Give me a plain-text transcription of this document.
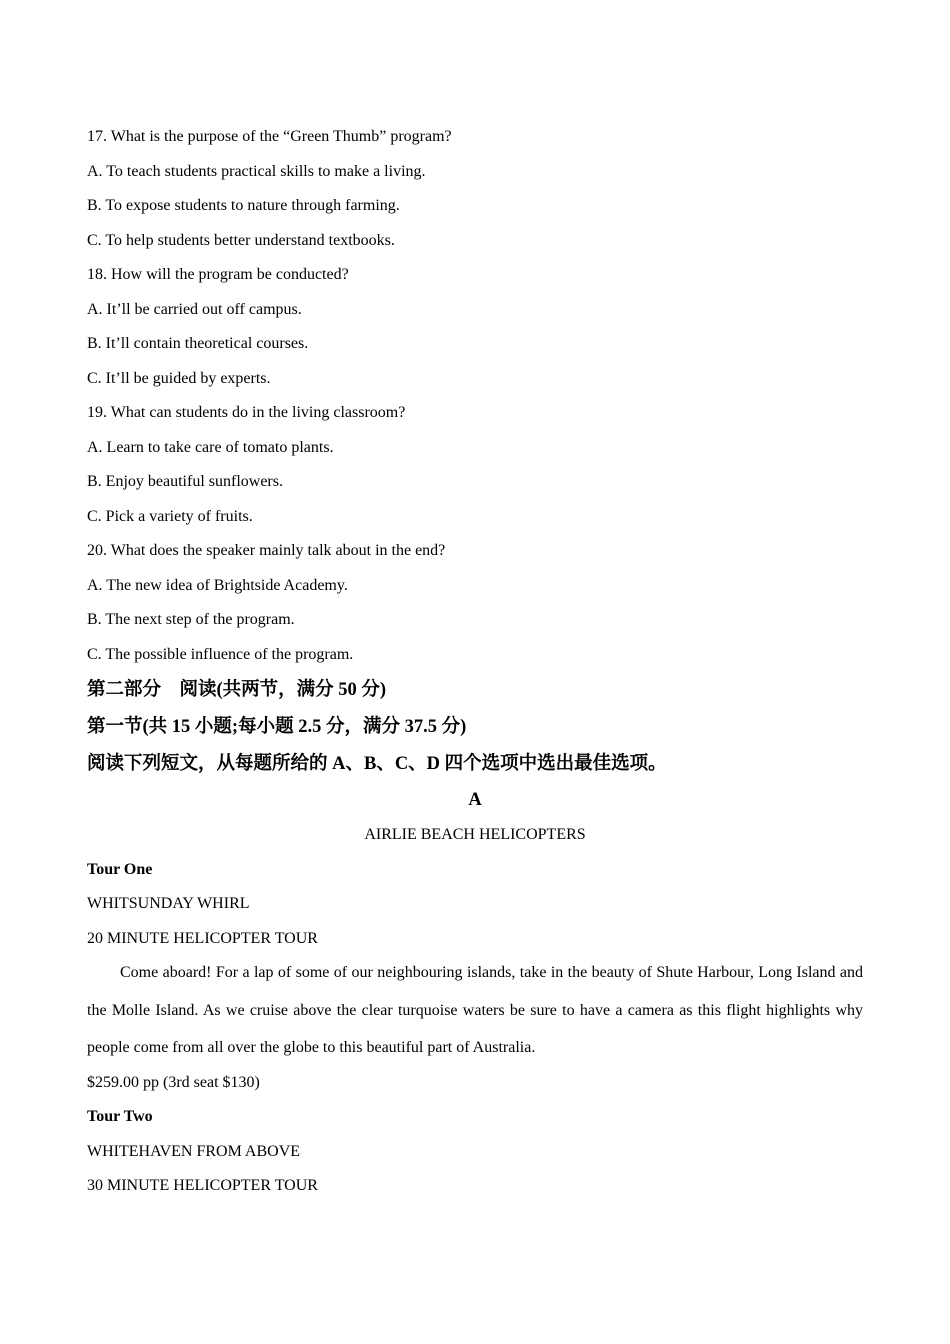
17. What is the purpose of the “Green Thumb” program?
A. To teach students practical skills to make a living.
B. To expose students to nature through farming.
C. To help students better understand textbooks.
18. How will the program be conducted?
A. It’ll be carried out off campus.
B. It’ll contain theoretical courses.
C. It’ll be guided by experts.
19. What can students do in the living classroom?
A. Learn to take care of tomato plants.
B. Enjoy beautiful sunflowers.
C. Pick a variety of fruits.
20. What does the speaker mainly talk about in the end?
A. The new idea of Brightside Academy.
B. The next step of the program.
C. The possible influence of the program.
第二部分　阅读(共两节，满分 50 分)
第一节(共 15 小题;每小题 2.5 分，满分 37.5 分)
阅读下列短文，从每题所给的 A、B、C、D 四个选项中选出最佳选项。
A
AIRLIE BEACH HELICOPTERS
Tour One
WHITSUNDAY WHIRL
20 MINUTE HELICOPTER TOUR
Come aboard! For a lap of some of our neighbouring islands, take in the beauty of Shute Harbour, Long Island and the Molle Island. As we cruise above the clear turquoise waters be sure to have a camera as this flight highlights why people come from all over the globe to this beautiful part of Australia.
$259.00 pp (3rd seat $130)
Tour Two
WHITEHAVEN FROM ABOVE
30 MINUTE HELICOPTER TOUR
